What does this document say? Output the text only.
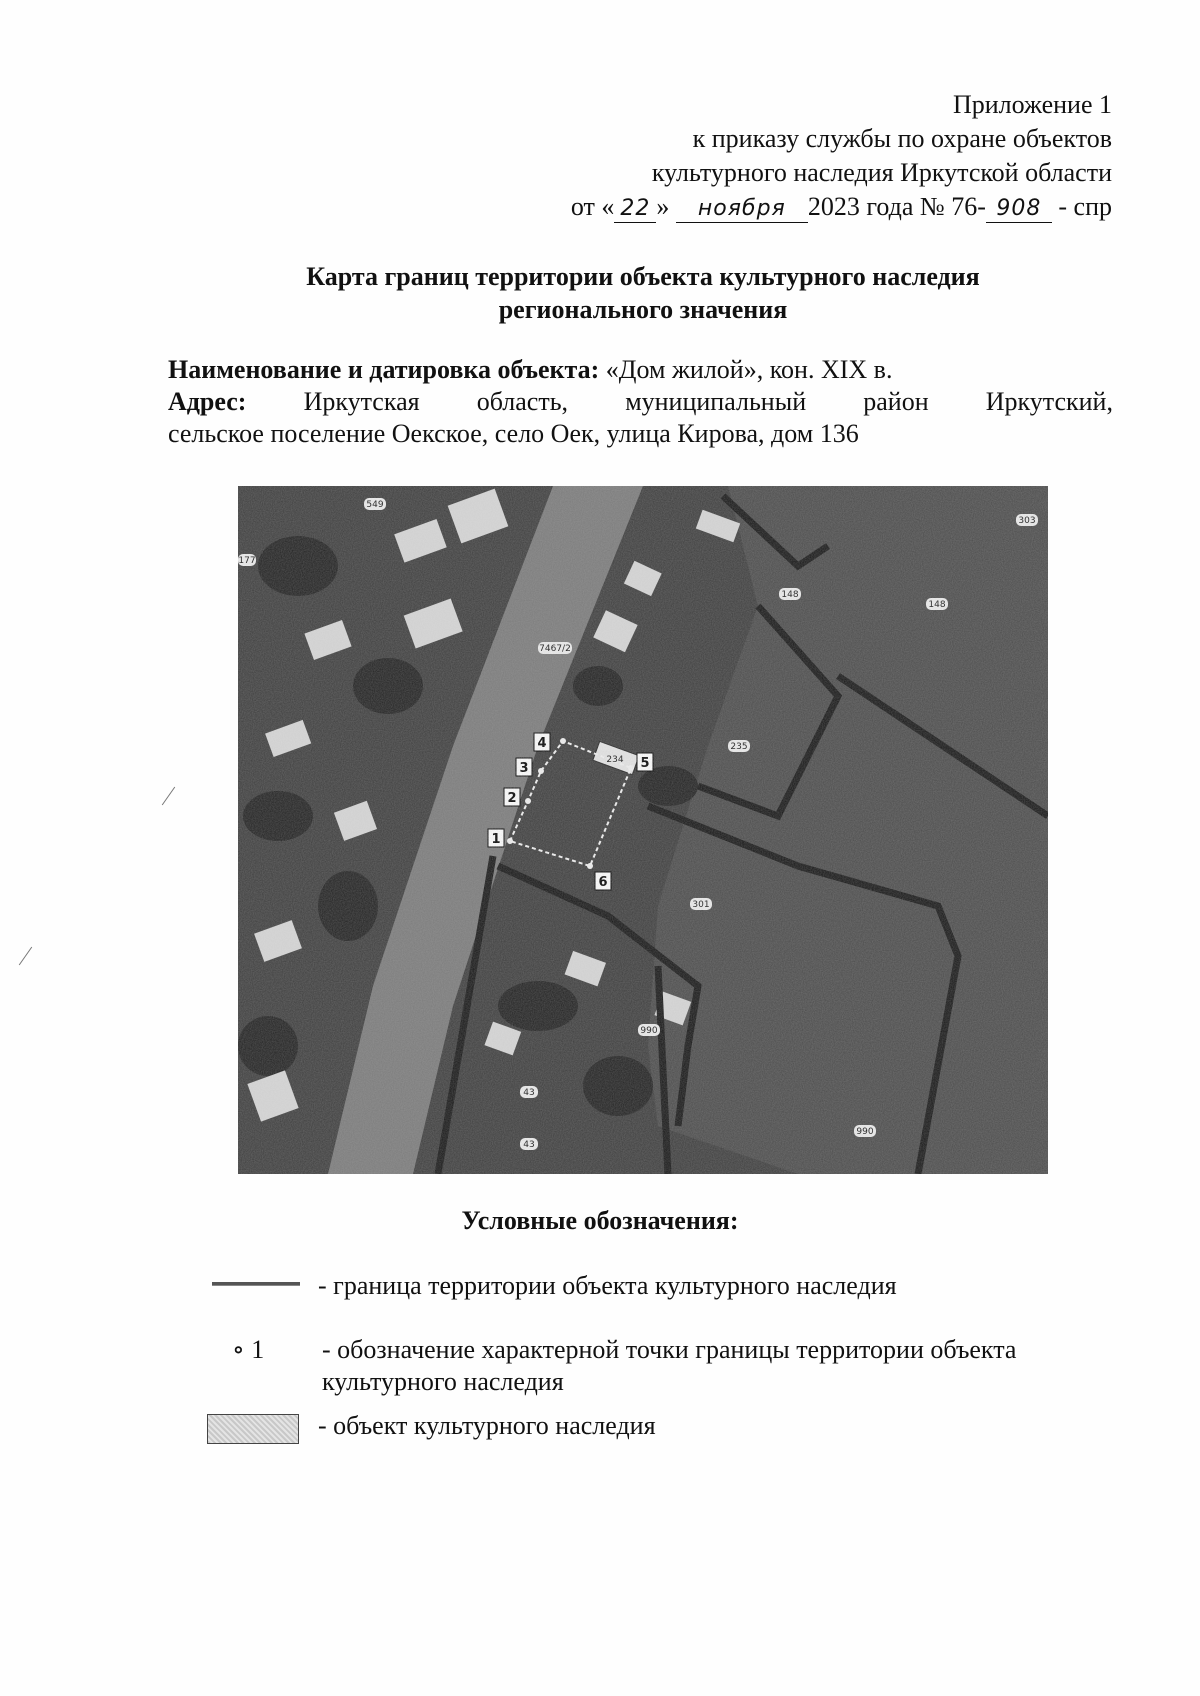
Приложение 1
к приказу службы по охране объектов
культурного наследия Иркутской области
от « 22 » ноября 2023 года № 76- 908 - спр
Карта границ территории объекта культурного наследия
регионального значения
Наименование и датировка объекта: «Дом жилой», кон. XIX в.
Адрес: Иркутская область, муниципальный район Иркутский,
сельское поселение Оекское, село Оек, улица Кирова, дом 136
Условные обозначения:
- граница территории объекта культурного наследия
∘ 1 - обозначение характерной точки границы территории объекта культурного наследия
- объект культурного наследия
